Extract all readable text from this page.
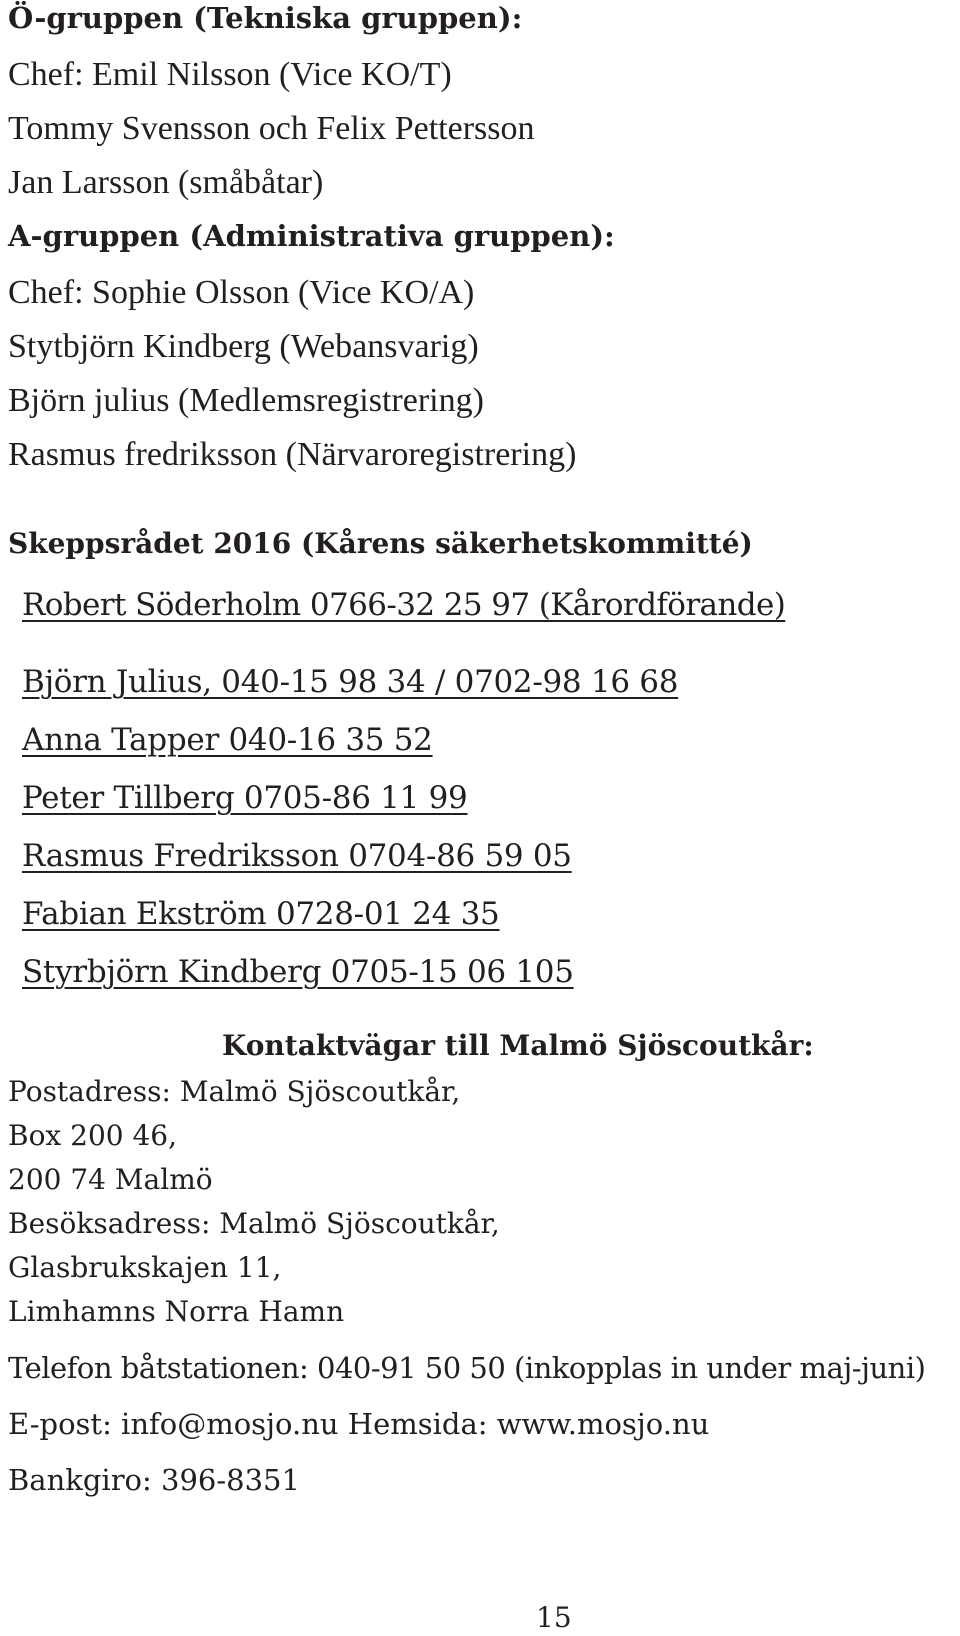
Ö-gruppen (Tekniska gruppen):
Chef: Emil Nilsson (Vice KO/T)
Tommy Svensson och Felix Pettersson
Jan Larsson (småbåtar)
A-gruppen (Administrativa gruppen):
Chef: Sophie Olsson (Vice KO/A)
Stytbjörn Kindberg (Webansvarig)
Björn julius (Medlemsregistrering)
Rasmus fredriksson (Närvaroregistrering)
Skeppsrådet 2016 (Kårens säkerhetskommitté)
Robert Söderholm 0766-32 25 97 (Kårordförande)
Björn Julius, 040-15 98 34 / 0702-98 16 68
Anna Tapper 040-16 35 52
Peter Tillberg 0705-86 11 99
Rasmus Fredriksson 0704-86 59 05
Fabian Ekström 0728-01 24 35
Styrbjörn Kindberg 0705-15 06 105
Kontaktvägar till Malmö Sjöscoutkår:
Postadress: Malmö Sjöscoutkår,
Box 200 46,
200 74 Malmö
Besöksadress: Malmö Sjöscoutkår,
Glasbrukskajen 11,
Limhamns Norra Hamn
Telefon båtstationen: 040-91 50 50 (inkopplas in under maj-juni)
E-post: info@mosjo.nu Hemsida: www.mosjo.nu
Bankgiro: 396-8351
15
